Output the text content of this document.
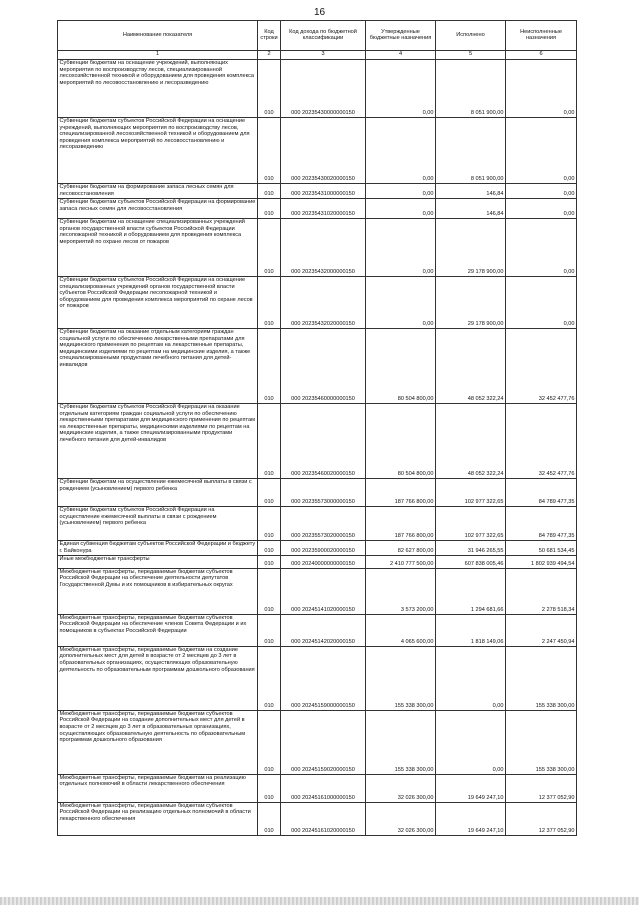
16
Наименование показателя	Код строки	Код дохода по бюджетной классификации	Утвержденные бюджетные назначения	Исполнено	Неисполненные назначения
1	2	3	4	5	6
Субвенции бюджетам на оснащение учреждений, выполняющих мероприятия по воспроизводству лесов, специализированной лесохозяйственной техникой и оборудованием для проведения комплекса мероприятий по лесовосстановлению и лесоразведению	010	000 20235430000000150	0,00	8 051 900,00	0,00
Субвенции бюджетам субъектов Российской Федерации на оснащение учреждений, выполняющих мероприятия по воспроизводству лесов, специализированной лесохозяйственной техникой и оборудованием для проведения комплекса мероприятий по лесовосстановлению и лесоразведению	010	000 20235430020000150	0,00	8 051 900,00	0,00
Субвенции бюджетам на формирование запаса лесных семян для лесовосстановления	010	000 20235431000000150	0,00	146,84	0,00
Субвенции бюджетам субъектов Российской Федерации на формирование запаса лесных семян для лесовосстановления	010	000 20235431020000150	0,00	146,84	0,00
Субвенции бюджетам на оснащение специализированных учреждений органов государственной власти субъектов Российской Федерации лесопожарной техникой и оборудованием для проведения комплекса мероприятий по охране лесов от пожаров	010	000 20235432000000150	0,00	29 178 900,00	0,00
Субвенции бюджетам субъектов Российской Федерации на оснащение специализированных учреждений органов государственной власти субъектов Российской Федерации лесопожарной техникой и оборудованием для проведения комплекса мероприятий по охране лесов от пожаров	010	000 20235432020000150	0,00	29 178 900,00	0,00
Субвенции бюджетам на оказание отдельным категориям граждан социальной услуги по обеспечению лекарственными препаратами для медицинского применения по рецептам на лекарственные препараты, медицинскими изделиями по рецептам на медицинские изделия, а также специализированными продуктами лечебного питания для детей-инвалидов	010	000 20235460000000150	80 504 800,00	48 052 322,24	32 452 477,76
Субвенции бюджетам субъектов Российской Федерации на оказание отдельным категориям граждан социальной услуги по обеспечению лекарственными препаратами для медицинского применения по рецептам на лекарственные препараты, медицинскими изделиями по рецептам на медицинские изделия, а также специализированными продуктами лечебного питания для детей-инвалидов	010	000 20235460020000150	80 504 800,00	48 052 322,24	32 452 477,76
Субвенции бюджетам на осуществление ежемесячной выплаты в связи с рождением (усыновлением) первого ребенка	010	000 20235573000000150	187 766 800,00	102 977 322,65	84 789 477,35
Субвенции бюджетам субъектов Российской Федерации на осуществление ежемесячной выплаты в связи с рождением (усыновлением) первого ребенка	010	000 20235573020000150	187 766 800,00	102 977 322,65	84 789 477,35
Единая субвенция бюджетам субъектов Российской Федерации и бюджету г. Байконура	010	000 20235900020000150	82 627 800,00	31 946 265,55	50 681 534,45
Иные межбюджетные трансферты	010	000 20240000000000150	2 410 777 500,00	607 838 005,46	1 802 939 494,54
Межбюджетные трансферты, передаваемые бюджетам субъектов Российской Федерации на обеспечение деятельности депутатов Государственной Думы и их помощников в избирательных округах	010	000 20245141020000150	3 573 200,00	1 294 681,66	2 278 518,34
Межбюджетные трансферты, передаваемые бюджетам субъектов Российской Федерации на обеспечение членов Совета Федерации и их помощников в субъектах Российской Федерации	010	000 20245142020000150	4 065 600,00	1 818 149,06	2 247 450,94
Межбюджетные трансферты, передаваемые бюджетам на создание дополнительных мест для детей в возрасте от 2 месяцев до 3 лет в образовательных организациях, осуществляющих образовательную деятельность по образовательным программам дошкольного образования	010	000 20245159000000150	155 338 300,00	0,00	155 338 300,00
Межбюджетные трансферты, передаваемые бюджетам субъектов Российской Федерации на создание дополнительных мест для детей в возрасте от 2 месяцев до 3 лет в образовательных организациях, осуществляющих образовательную деятельность по образовательным программам дошкольного образования	010	000 20245159020000150	155 338 300,00	0,00	155 338 300,00
Межбюджетные трансферты, передаваемые бюджетам на реализацию отдельных полномочий в области лекарственного обеспечения	010	000 20245161000000150	32 026 300,00	19 649 247,10	12 377 052,90
Межбюджетные трансферты, передаваемые бюджетам субъектов Российской Федерации на реализацию отдельных полномочий в области лекарственного обеспечения	010	000 20245161020000150	32 026 300,00	19 649 247,10	12 377 052,90
